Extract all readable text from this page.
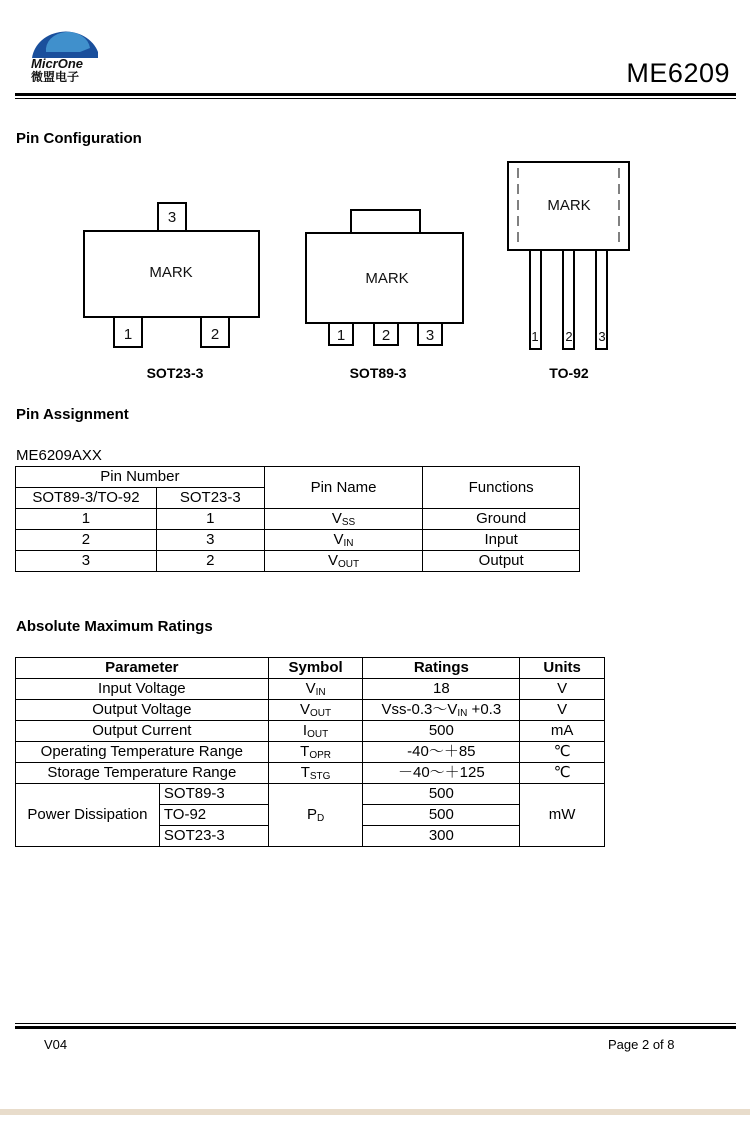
MicrOne
微盟电子	ME6209
Pin Configuration
3
MARK
1	2
MARK
1 2 3
MARK
1 2 3
SOT23-3	SOT89-3	TO-92
Pin Assignment
ME6209AXX
Pin Number		Pin Name	Functions
SOT89-3/TO-92	SOT23-3		
1	1	$V_{SS}$	Ground
2	3	$V_{IN}$	Input
3	2	$V_{OUT}$	Output
Absolute Maximum Ratings
Parameter		Symbol	Ratings	Units
Input Voltage		$V_{IN}$	18	V
Output Voltage		$V_{OUT}$	Vss-$0.3\sim V_{IN} +0.3$	V
Output Current		$I_{OUT}$	500	mA
Operating Temperature Range		$T_{OPR}$	-40～＋85	℃
Storage Temperature Range		$T_{STG}$	－40～＋125	℃
Power Dissipation	SOT89-3	$P_D$	500	mW
	TO-92		500	
	SOT23-3		300	
V04	Page 2 of 8
